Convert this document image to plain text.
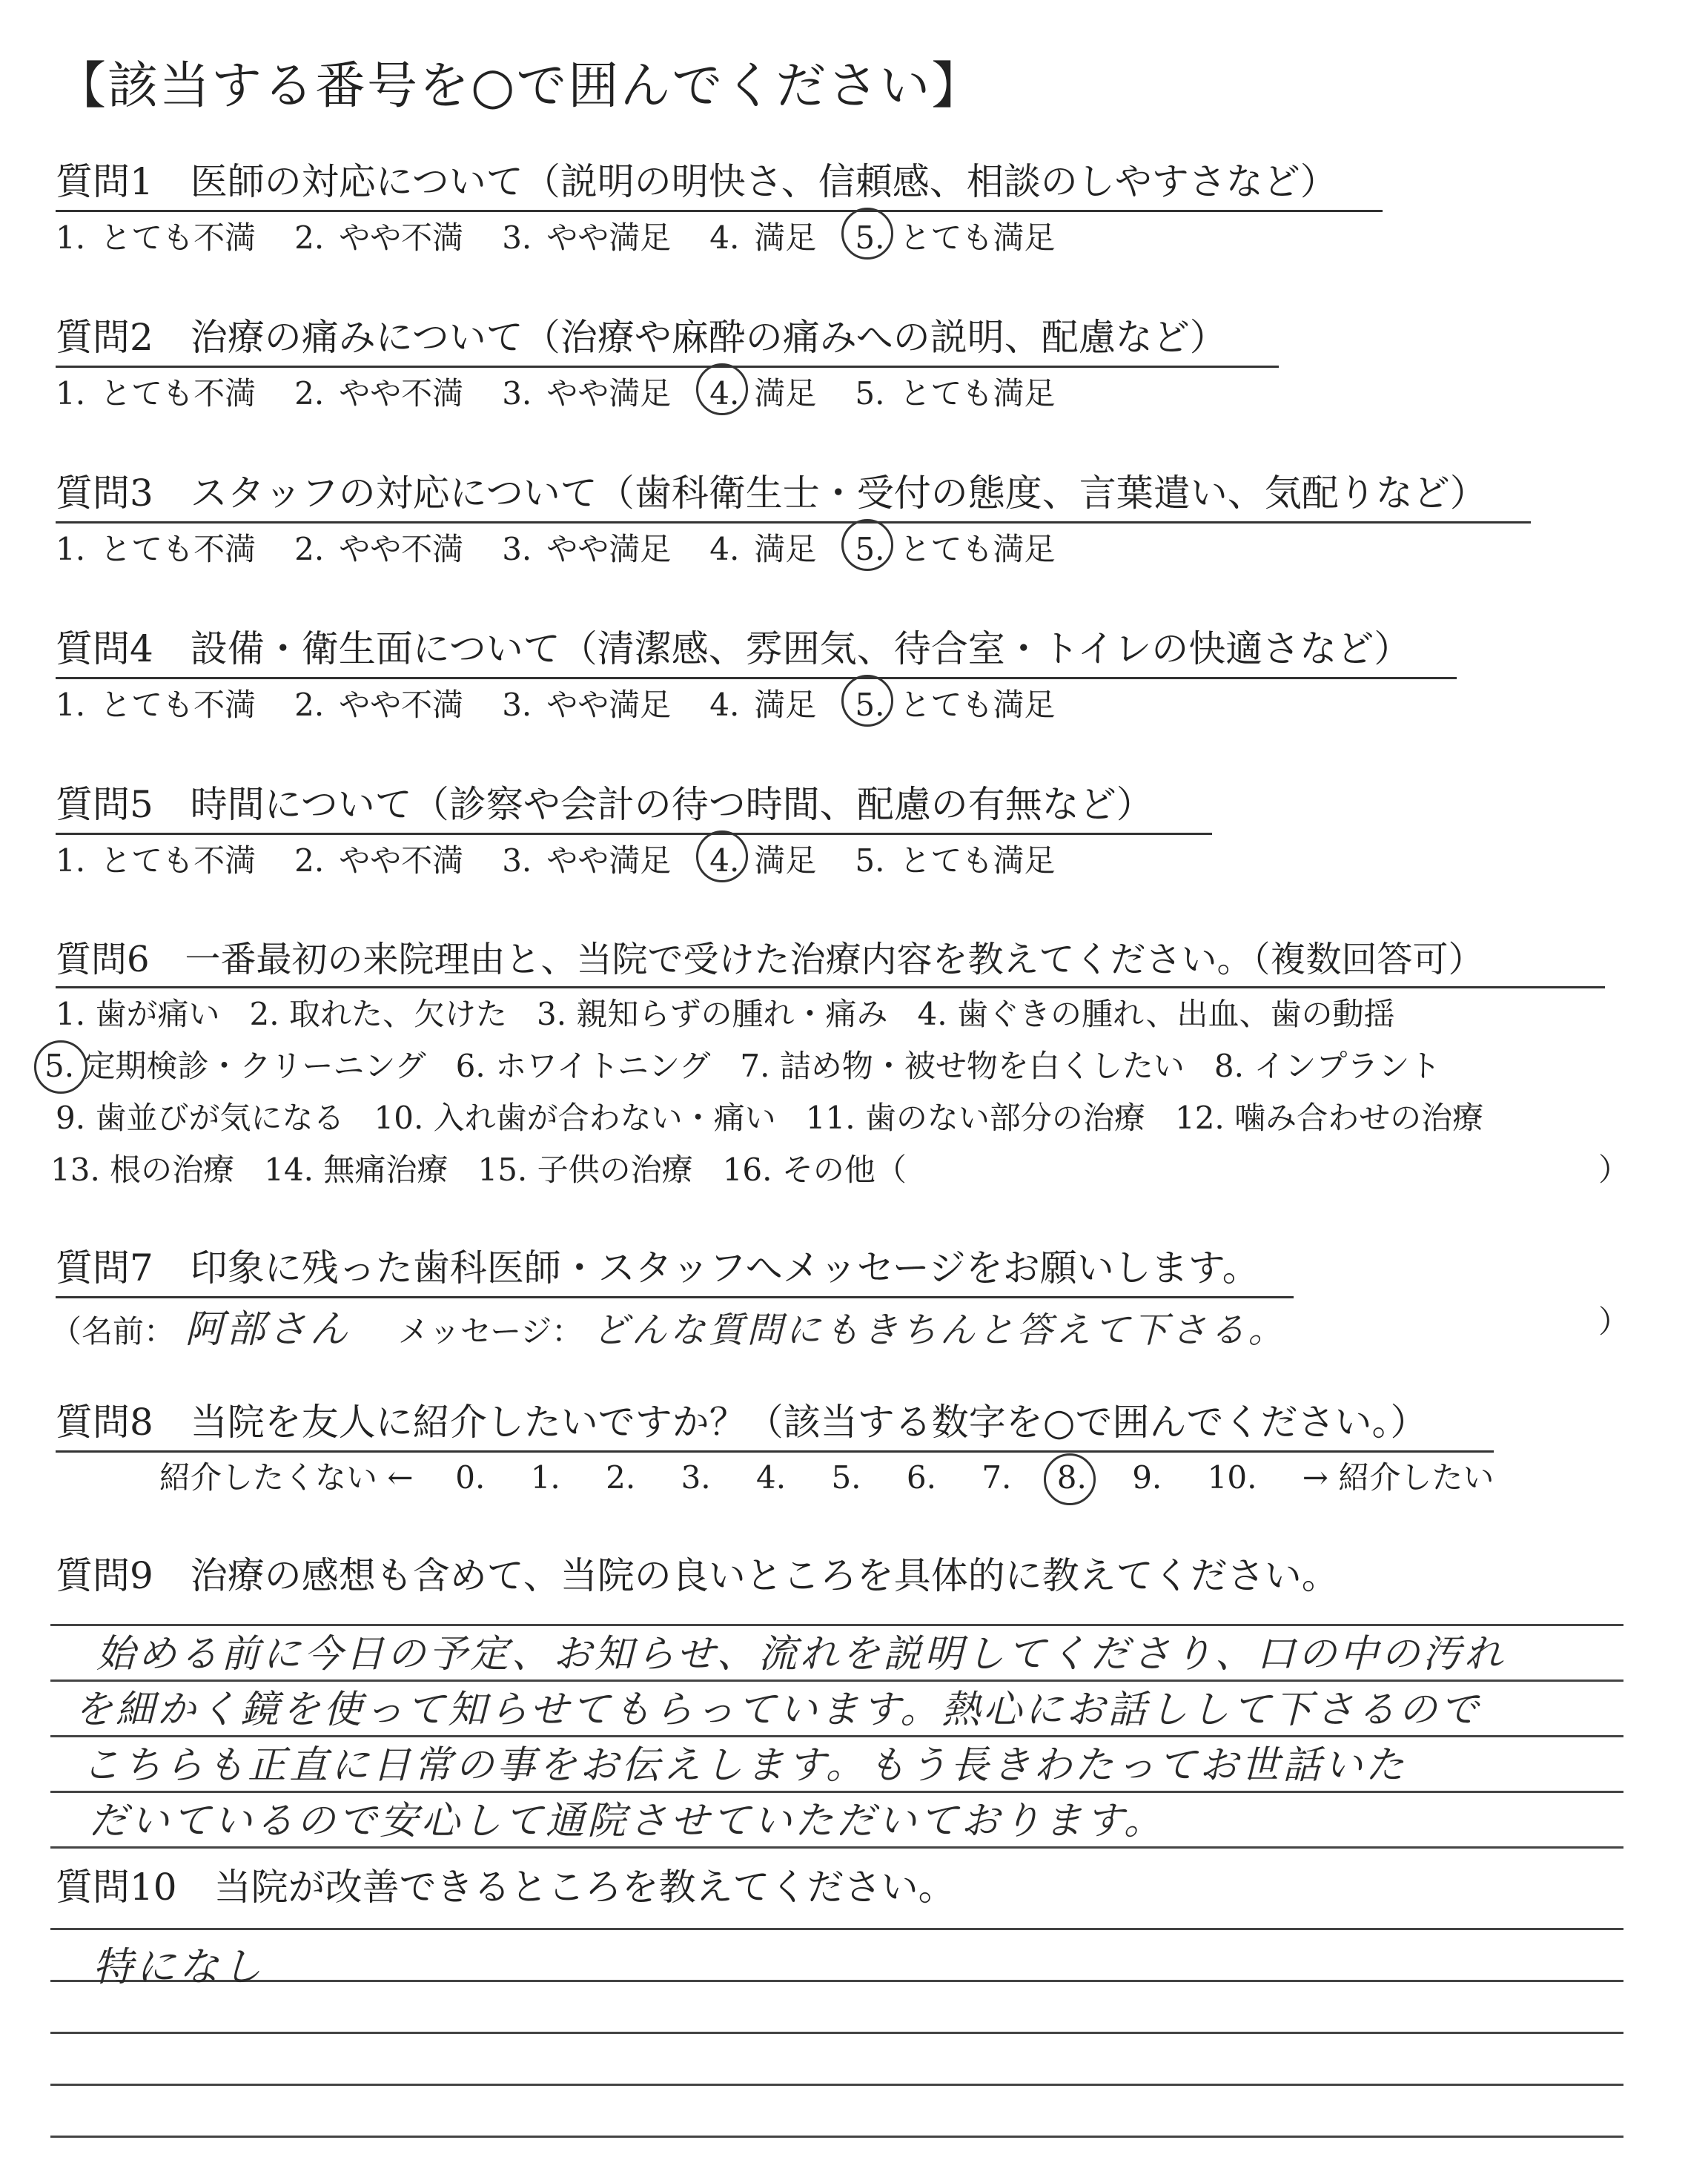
【該当する番号を○で囲んでください】
質問1　医師の対応について（説明の明快さ、信頼感、相談のしやすさなど）
1. とても不満 2. やや不満 3. やや満足 4. 満足 5. とても満足
質問2　治療の痛みについて（治療や麻酔の痛みへの説明、配慮など）
1. とても不満 2. やや不満 3. やや満足 4. 満足 5. とても満足
質問3　スタッフの対応について（歯科衛生士・受付の態度、言葉遣い、気配りなど）
1. とても不満 2. やや不満 3. やや満足 4. 満足 5. とても満足
質問4　設備・衛生面について（清潔感、雰囲気、待合室・トイレの快適さなど）
1. とても不満 2. やや不満 3. やや満足 4. 満足 5. とても満足
質問5　時間について（診察や会計の待つ時間、配慮の有無など）
1. とても不満 2. やや不満 3. やや満足 4. 満足 5. とても満足
質問6　一番最初の来院理由と、当院で受けた治療内容を教えてください。（複数回答可）
1. 歯が痛い 2. 取れた、欠けた 3. 親知らずの腫れ・痛み 4. 歯ぐきの腫れ、出血、歯の動揺
5. 定期検診・クリーニング 6. ホワイトニング 7. 詰め物・被せ物を白くしたい 8. インプラント
9. 歯並びが気になる 10. 入れ歯が合わない・痛い 11. 歯のない部分の治療 12. 噛み合わせの治療
13. 根の治療 14. 無痛治療 15. 子供の治療 16. その他（	）
質問7　印象に残った歯科医師・スタッフへメッセージをお願いします。
（名前： 阿部さん メッセージ： どんな質問にもきちんと答えて下さる。	）
質問8　当院を友人に紹介したいですか？（該当する数字を○で囲んでください。）
紹介したくない ← 0. 1. 2. 3. 4. 5. 6. 7. 8. 9. 10. → 紹介したい
質問9　治療の感想も含めて、当院の良いところを具体的に教えてください。
始める前に今日の予定、お知らせ、流れを説明してくださり、口の中の汚れ
を細かく鏡を使って知らせてもらっています。熱心にお話しして下さるので
こちらも正直に日常の事をお伝えします。もう長きわたってお世話いた
だいているので安心して通院させていただいております。
質問10　当院が改善できるところを教えてください。
特になし
